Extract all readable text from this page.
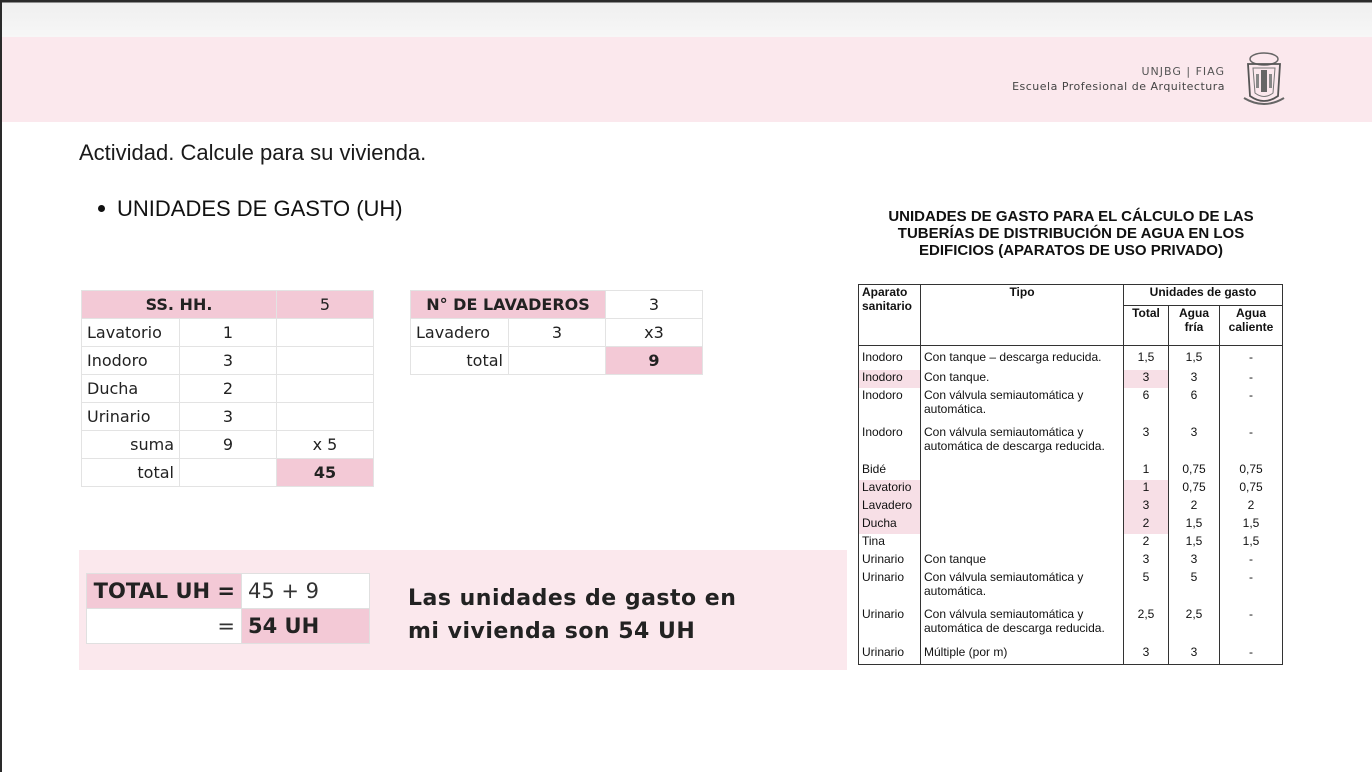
UNJBG | FIAG
Escuela Profesional de Arquitectura
Actividad. Calcule para su vivienda.
UNIDADES DE GASTO (UH)
SS. HH.		5
Lavatorio	1	
Inodoro	3	
Ducha	2	
Urinario	3	
suma	9	x 5
total		45
N° DE LAVADEROS		3
Lavadero	3	x3
total		9
TOTAL UH =	45 + 9
=	54 UH
Las unidades de gasto en
mi vivienda son 54 UH
UNIDADES DE GASTO PARA EL CÁLCULO DE LAS
TUBERÍAS DE DISTRIBUCIÓN DE AGUA EN LOS
EDIFICIOS (APARATOS DE USO PRIVADO)
Aparato
sanitario	Tipo	Unidades de gasto		
		Total	Agua fría	Agua caliente
Inodoro	Con tanque – descarga reducida.	1,5	1,5	-
Inodoro	Con tanque.	3	3	-
Inodoro	Con válvula semiautomática y automática.	6	6	-
Inodoro	Con válvula semiautomática y automática de descarga reducida.	3	3	-
Bidé		1	0,75	0,75
Lavatorio		1	0,75	0,75
Lavadero		3	2	2
Ducha		2	1,5	1,5
Tina		2	1,5	1,5
Urinario	Con tanque	3	3	-
Urinario	Con válvula semiautomática y automática.	5	5	-
Urinario	Con válvula semiautomática y automática de descarga reducida.	2,5	2,5	-
Urinario	Múltiple (por m)	3	3	-
